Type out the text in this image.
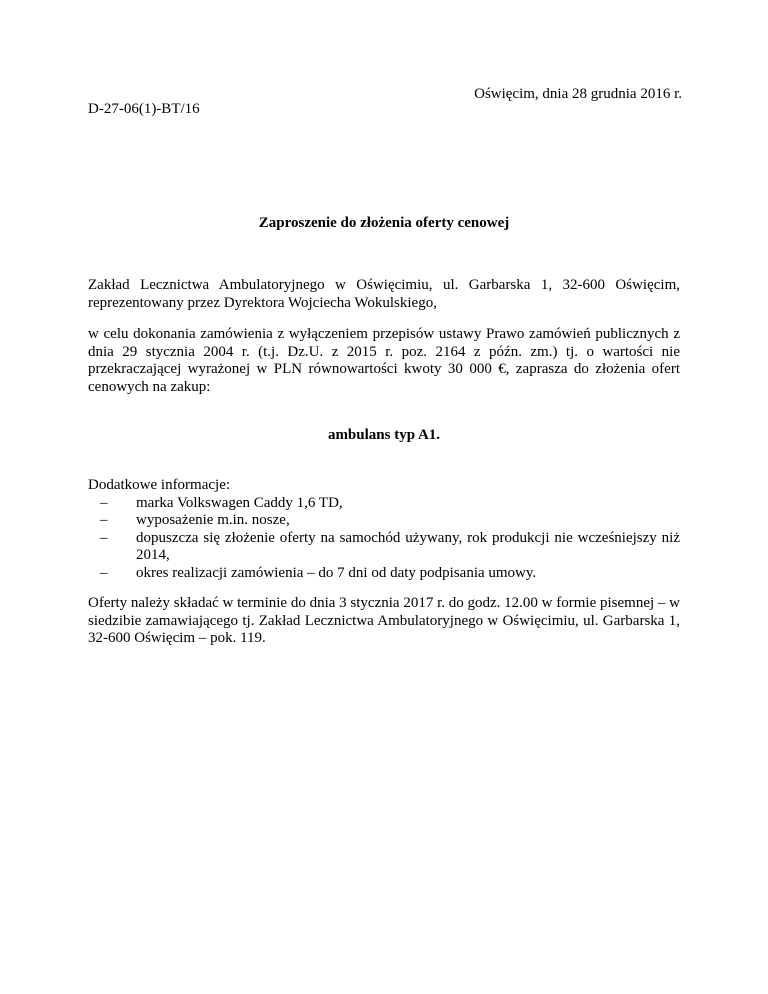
Oświęcim, dnia 28 grudnia 2016 r.
D-27-06(1)-BT/16
Zaproszenie do złożenia oferty cenowej
Zakład Lecznictwa Ambulatoryjnego w Oświęcimiu, ul. Garbarska 1, 32-600 Oświęcim, reprezentowany przez Dyrektora Wojciecha Wokulskiego,
w celu dokonania zamówienia z wyłączeniem przepisów ustawy Prawo zamówień publicznych z dnia 29 stycznia 2004 r. (t.j. Dz.U. z 2015 r. poz. 2164 z późn. zm.) tj. o wartości nie przekraczającej wyrażonej w PLN równowartości kwoty 30 000 €, zaprasza do złożenia ofert cenowych na zakup:
ambulans typ A1.
Dodatkowe informacje:
– marka Volkswagen Caddy 1,6 TD,
– wyposażenie m.in. nosze,
– dopuszcza się złożenie oferty na samochód używany, rok produkcji nie wcześniejszy niż 2014,
– okres realizacji zamówienia – do 7 dni od daty podpisania umowy.
Oferty należy składać w terminie do dnia 3 stycznia 2017 r. do godz. 12.00 w formie pisemnej – w siedzibie zamawiającego tj. Zakład Lecznictwa Ambulatoryjnego w Oświęcimiu, ul. Garbarska 1, 32-600 Oświęcim – pok. 119.
